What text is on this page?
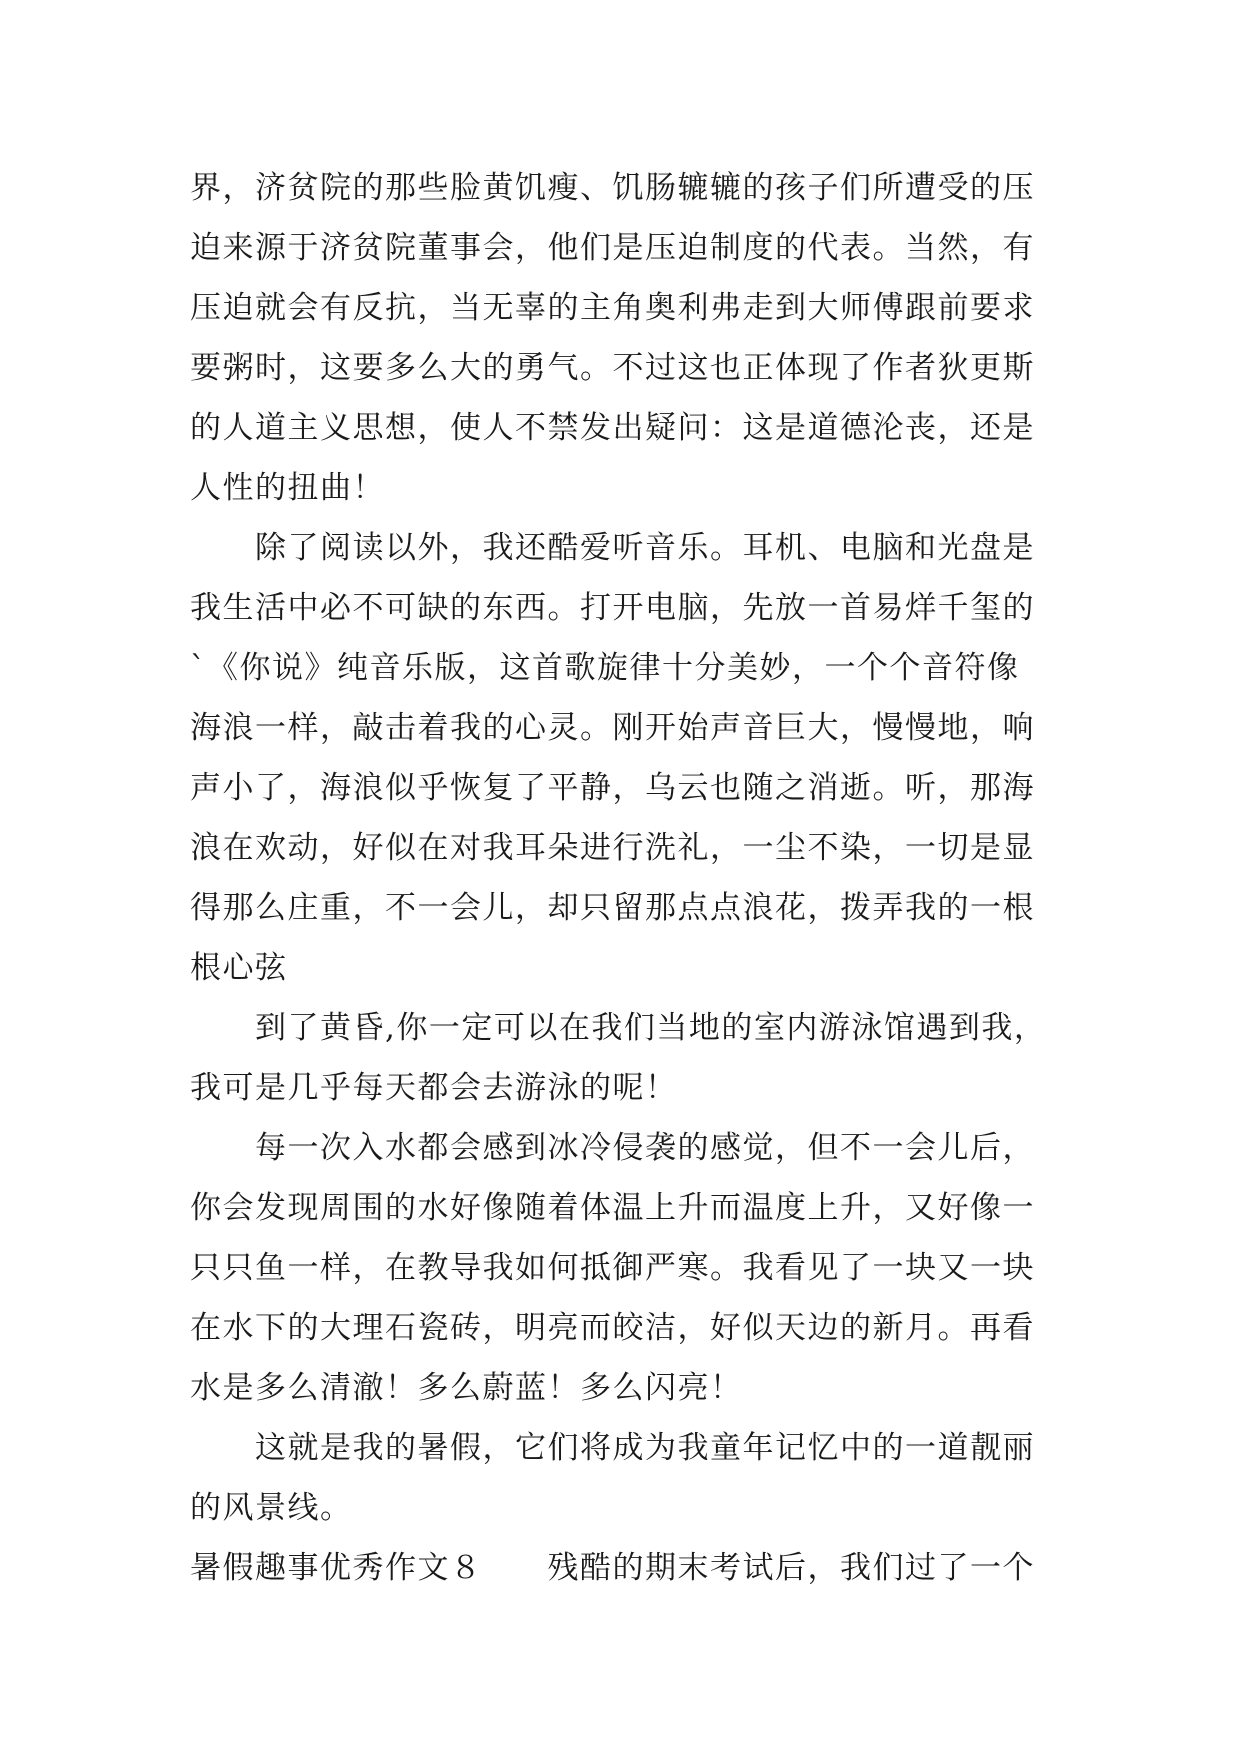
界，济贫院的那些脸黄饥瘦、饥肠辘辘的孩子们所遭受的压
迫来源于济贫院董事会，他们是压迫制度的代表。当然，有
压迫就会有反抗，当无辜的主角奥利弗走到大师傅跟前要求
要粥时，这要多么大的勇气。不过这也正体现了作者狄更斯
的人道主义思想，使人不禁发出疑问：这是道德沦丧，还是
人性的扭曲！
　　除了阅读以外，我还酷爱听音乐。耳机、电脑和光盘是
我生活中必不可缺的东西。打开电脑，先放一首易烊千玺的
`《你说》纯音乐版，这首歌旋律十分美妙，一个个音符像
海浪一样，敲击着我的心灵。刚开始声音巨大，慢慢地，响
声小了，海浪似乎恢复了平静，乌云也随之消逝。听，那海
浪在欢动，好似在对我耳朵进行洗礼，一尘不染，一切是显
得那么庄重，不一会儿，却只留那点点浪花，拨弄我的一根
根心弦
　　到了黄昏,你一定可以在我们当地的室内游泳馆遇到我，
我可是几乎每天都会去游泳的呢！
　　每一次入水都会感到冰冷侵袭的感觉，但不一会儿后，
你会发现周围的水好像随着体温上升而温度上升，又好像一
只只鱼一样，在教导我如何抵御严寒。我看见了一块又一块
在水下的大理石瓷砖，明亮而皎洁，好似天边的新月。再看
水是多么清澈！多么蔚蓝！多么闪亮！
　　这就是我的暑假，它们将成为我童年记忆中的一道靓丽
的风景线。
暑假趣事优秀作文８　　残酷的期末考试后，我们过了一个
